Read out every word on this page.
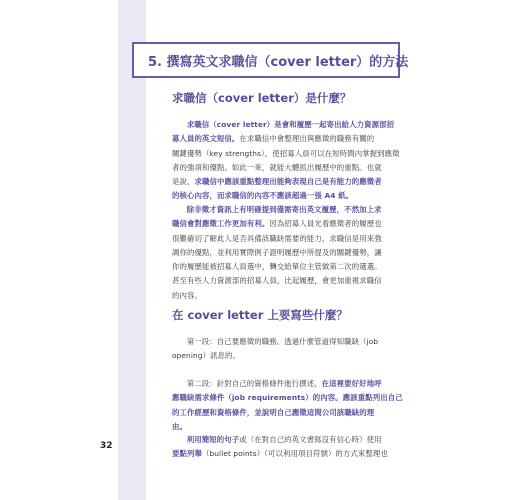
5. 撰寫英文求職信（cover letter）的方法
求職信（cover letter）是什麼？

求職信（cover letter）是會和履歷一起寄出給人力資源部招
募人員的英文短信。在求職信中會整理出與應徵的職務有關的
關鍵優勢（key strengths），使招募人員可以在短時間內掌握到應徵
者的強項和優點。如此一來，就能大體抓出履歷中的重點。也就
是說，求職信中應該重點整理出能夠表現自己是有能力的應徵者
的核心內容，而求職信的內容不應該超過一張 A4 紙。

除非徵才資訊上有明確提到僅需寄出英文履歷，不然加上求
職信會對應徵工作更加有利。因為招募人員光看應徵者的履歷也
很難確切了解此人是否具備該職缺需要的能力，求職信是用來強
調你的優點，並利用實際例子證明履歷中所提及的關鍵優勢，讓
你的履歷能被招募人員選中，轉交給單位主管做第二次的選選。
甚至有些人力資源部的招募人員，比起履歷，會更加重視求職信
的內容。

在 cover letter 上要寫些什麼？

第一段：自己要應徵的職務、透過什麼管道得知職缺（job
opening）訊息的。

第二段：針對自己的資格條件進行撰述，在這裡要好好地呼
應職缺需求條件（job requirements）的內容。應該重點列出自己
的工作經歷和資格條件，並說明自己應徵這間公司該職缺的理
由。

利用簡短的句子或（在對自己的英文書寫沒有信心時）使用
要點列舉（bullet points）（可以利用項目符號）的方式來整理也

32
